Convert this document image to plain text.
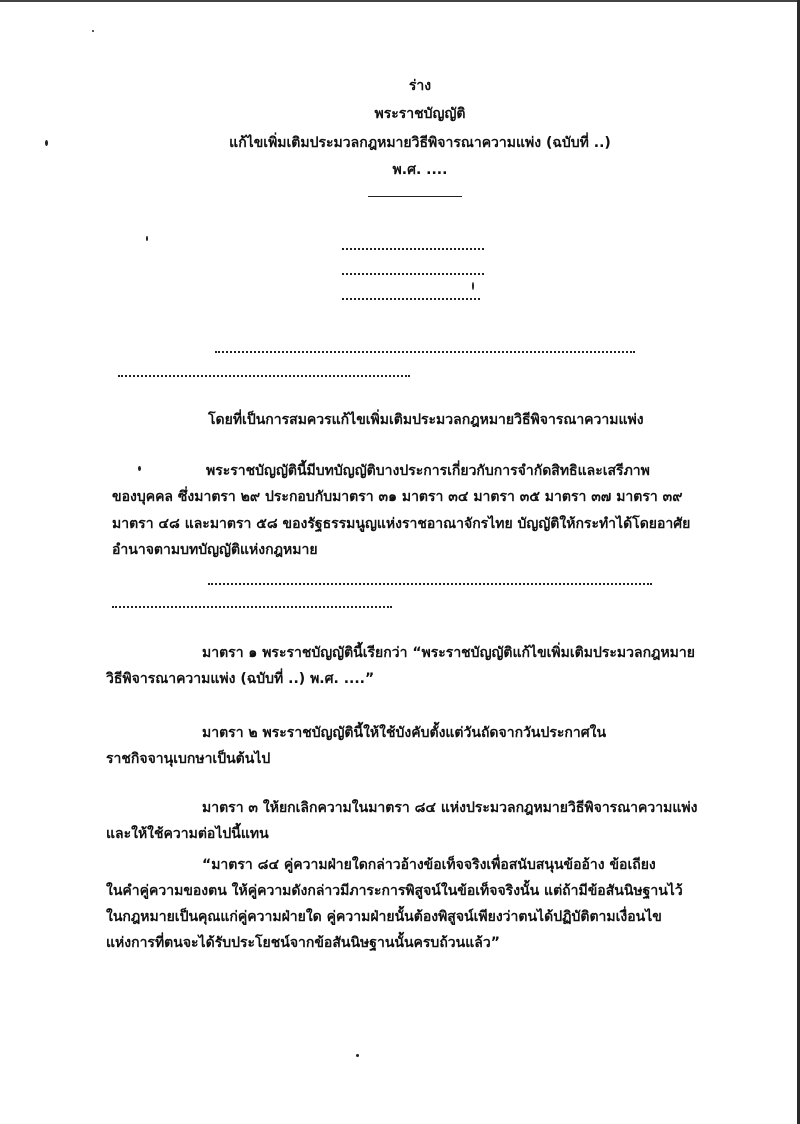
ร่าง
พระราชบัญญัติ
แก้ไขเพิ่มเติมประมวลกฎหมายวิธีพิจารณาความแพ่ง (ฉบับที่ ..)
พ.ศ. ....
โดยที่เป็นการสมควรแก้ไขเพิ่มเติมประมวลกฎหมายวิธีพิจารณาความแพ่ง
พระราชบัญญัตินี้มีบทบัญญัติบางประการเกี่ยวกับการจำกัดสิทธิและเสรีภาพ
ของบุคคล ซึ่งมาตรา ๒๙ ประกอบกับมาตรา ๓๑ มาตรา ๓๔ มาตรา ๓๕ มาตรา ๓๗ มาตรา ๓๙
มาตรา ๔๘ และมาตรา ๕๘ ของรัฐธรรมนูญแห่งราชอาณาจักรไทย บัญญัติให้กระทำได้โดยอาศัย
อำนาจตามบทบัญญัติแห่งกฎหมาย
มาตรา ๑ พระราชบัญญัตินี้เรียกว่า “พระราชบัญญัติแก้ไขเพิ่มเติมประมวลกฎหมาย
วิธีพิจารณาความแพ่ง (ฉบับที่ ..) พ.ศ. ....”
มาตรา ๒ พระราชบัญญัตินี้ให้ใช้บังคับตั้งแต่วันถัดจากวันประกาศใน
ราชกิจจานุเบกษาเป็นต้นไป
มาตรา ๓ ให้ยกเลิกความในมาตรา ๘๔ แห่งประมวลกฎหมายวิธีพิจารณาความแพ่ง
และให้ใช้ความต่อไปนี้แทน
“มาตรา ๘๔ คู่ความฝ่ายใดกล่าวอ้างข้อเท็จจริงเพื่อสนับสนุนข้ออ้าง ข้อเถียง
ในคำคู่ความของตน ให้คู่ความดังกล่าวมีภาระการพิสูจน์ในข้อเท็จจริงนั้น แต่ถ้ามีข้อสันนิษฐานไว้
ในกฎหมายเป็นคุณแก่คู่ความฝ่ายใด คู่ความฝ่ายนั้นต้องพิสูจน์เพียงว่าตนได้ปฏิบัติตามเงื่อนไข
แห่งการที่ตนจะได้รับประโยชน์จากข้อสันนิษฐานนั้นครบถ้วนแล้ว”
